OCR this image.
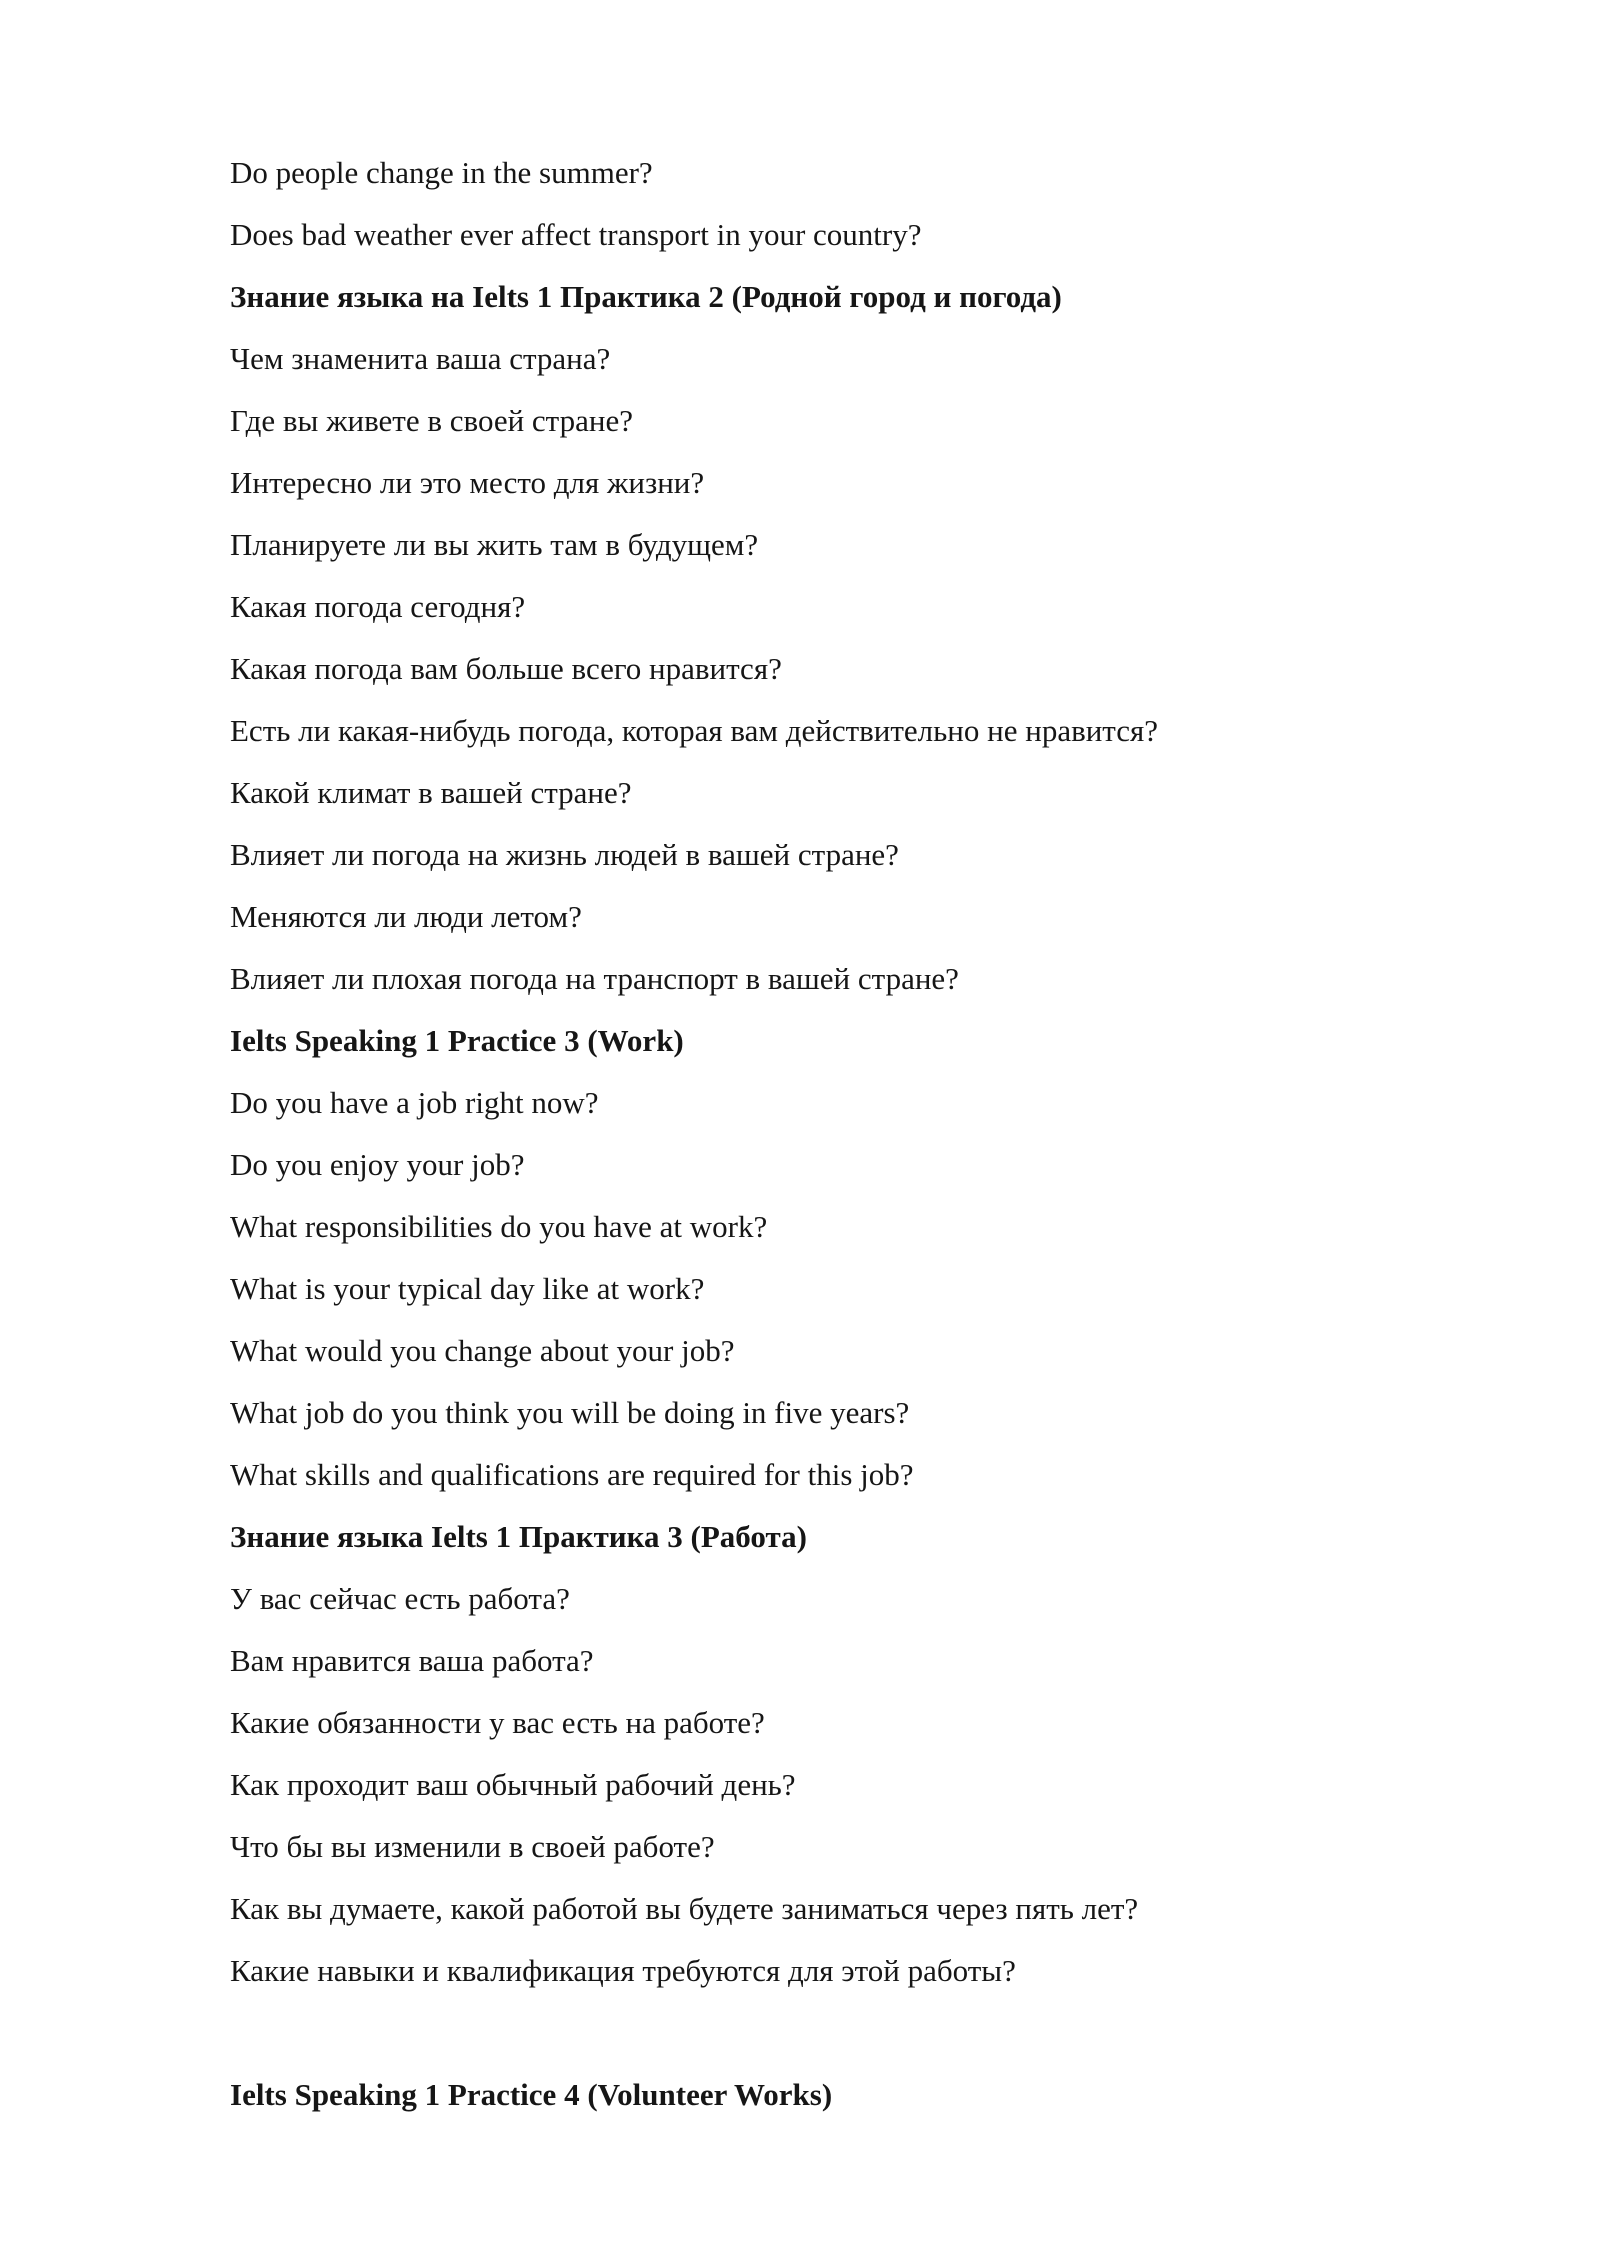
Do people change in the summer?
Does bad weather ever affect transport in your country?
Знание языка на Ielts 1 Практика 2 (Родной город и погода)
Чем знаменита ваша страна?
Где вы живете в своей стране?
Интересно ли это место для жизни?
Планируете ли вы жить там в будущем?
Какая погода сегодня?
Какая погода вам больше всего нравится?
Есть ли какая-нибудь погода, которая вам действительно не нравится?
Какой климат в вашей стране?
Влияет ли погода на жизнь людей в вашей стране?
Меняются ли люди летом?
Влияет ли плохая погода на транспорт в вашей стране?
Ielts Speaking 1 Practice 3 (Work)
Do you have a job right now?
Do you enjoy your job?
What responsibilities do you have at work?
What is your typical day like at work?
What would you change about your job?
What job do you think you will be doing in five years?
What skills and qualifications are required for this job?
Знание языка Ielts 1 Практика 3 (Работа)
У вас сейчас есть работа?
Вам нравится ваша работа?
Какие обязанности у вас есть на работе?
Как проходит ваш обычный рабочий день?
Что бы вы изменили в своей работе?
Как вы думаете, какой работой вы будете заниматься через пять лет?
Какие навыки и квалификация требуются для этой работы?
Ielts Speaking 1 Practice 4 (Volunteer Works)
